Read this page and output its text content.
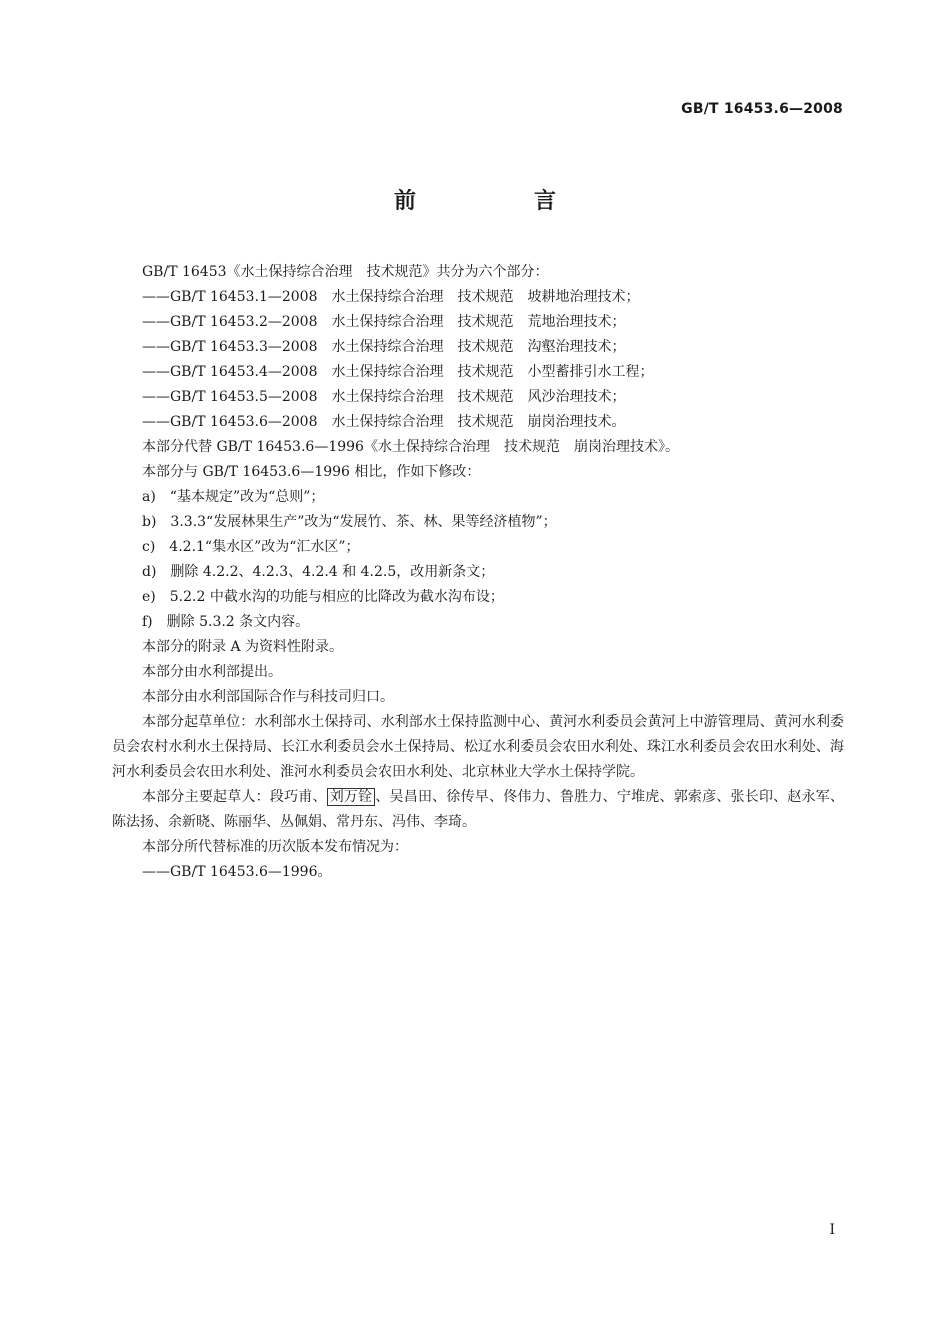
GB/T 16453.6—2008
前　言

GB/T 16453《水土保持综合治理　技术规范》共分为六个部分：

——GB/T 16453.1—2008　水土保持综合治理　技术规范　坡耕地治理技术；

——GB/T 16453.2—2008　水土保持综合治理　技术规范　荒地治理技术；

——GB/T 16453.3—2008　水土保持综合治理　技术规范　沟壑治理技术；

——GB/T 16453.4—2008　水土保持综合治理　技术规范　小型蓄排引水工程；

——GB/T 16453.5—2008　水土保持综合治理　技术规范　风沙治理技术；

——GB/T 16453.6—2008　水土保持综合治理　技术规范　崩岗治理技术。

本部分代替 GB/T 16453.6—1996《水土保持综合治理　技术规范　崩岗治理技术》。

本部分与 GB/T 16453.6—1996 相比，作如下修改：

a)　“基本规定”改为“总则”；

b)　3.3.3“发展林果生产”改为“发展竹、茶、林、果等经济植物”；

c)　4.2.1“集水区”改为“汇水区”；

d)　删除 4.2.2、4.2.3、4.2.4 和 4.2.5，改用新条文；

e)　5.2.2 中截水沟的功能与相应的比降改为截水沟布设；

f)　删除 5.3.2 条文内容。

本部分的附录 A 为资料性附录。

本部分由水利部提出。

本部分由水利部国际合作与科技司归口。

本部分起草单位：水利部水土保持司、水利部水土保持监测中心、黄河水利委员会黄河上中游管理局、黄河水利委员会农村水利水土保持局、长江水利委员会水土保持局、松辽水利委员会农田水利处、珠江水利委员会农田水利处、海河水利委员会农田水利处、淮河水利委员会农田水利处、北京林业大学水土保持学院。

本部分主要起草人：段巧甫、 刘万铨 、吴昌田、徐传早、佟伟力、鲁胜力、宁堆虎、郭索彦、张长印、赵永军、陈法扬、余新晓、陈丽华、丛佩娟、常丹东、冯伟、李琦。

本部分所代替标准的历次版本发布情况为：

——GB/T 16453.6—1996。

I
